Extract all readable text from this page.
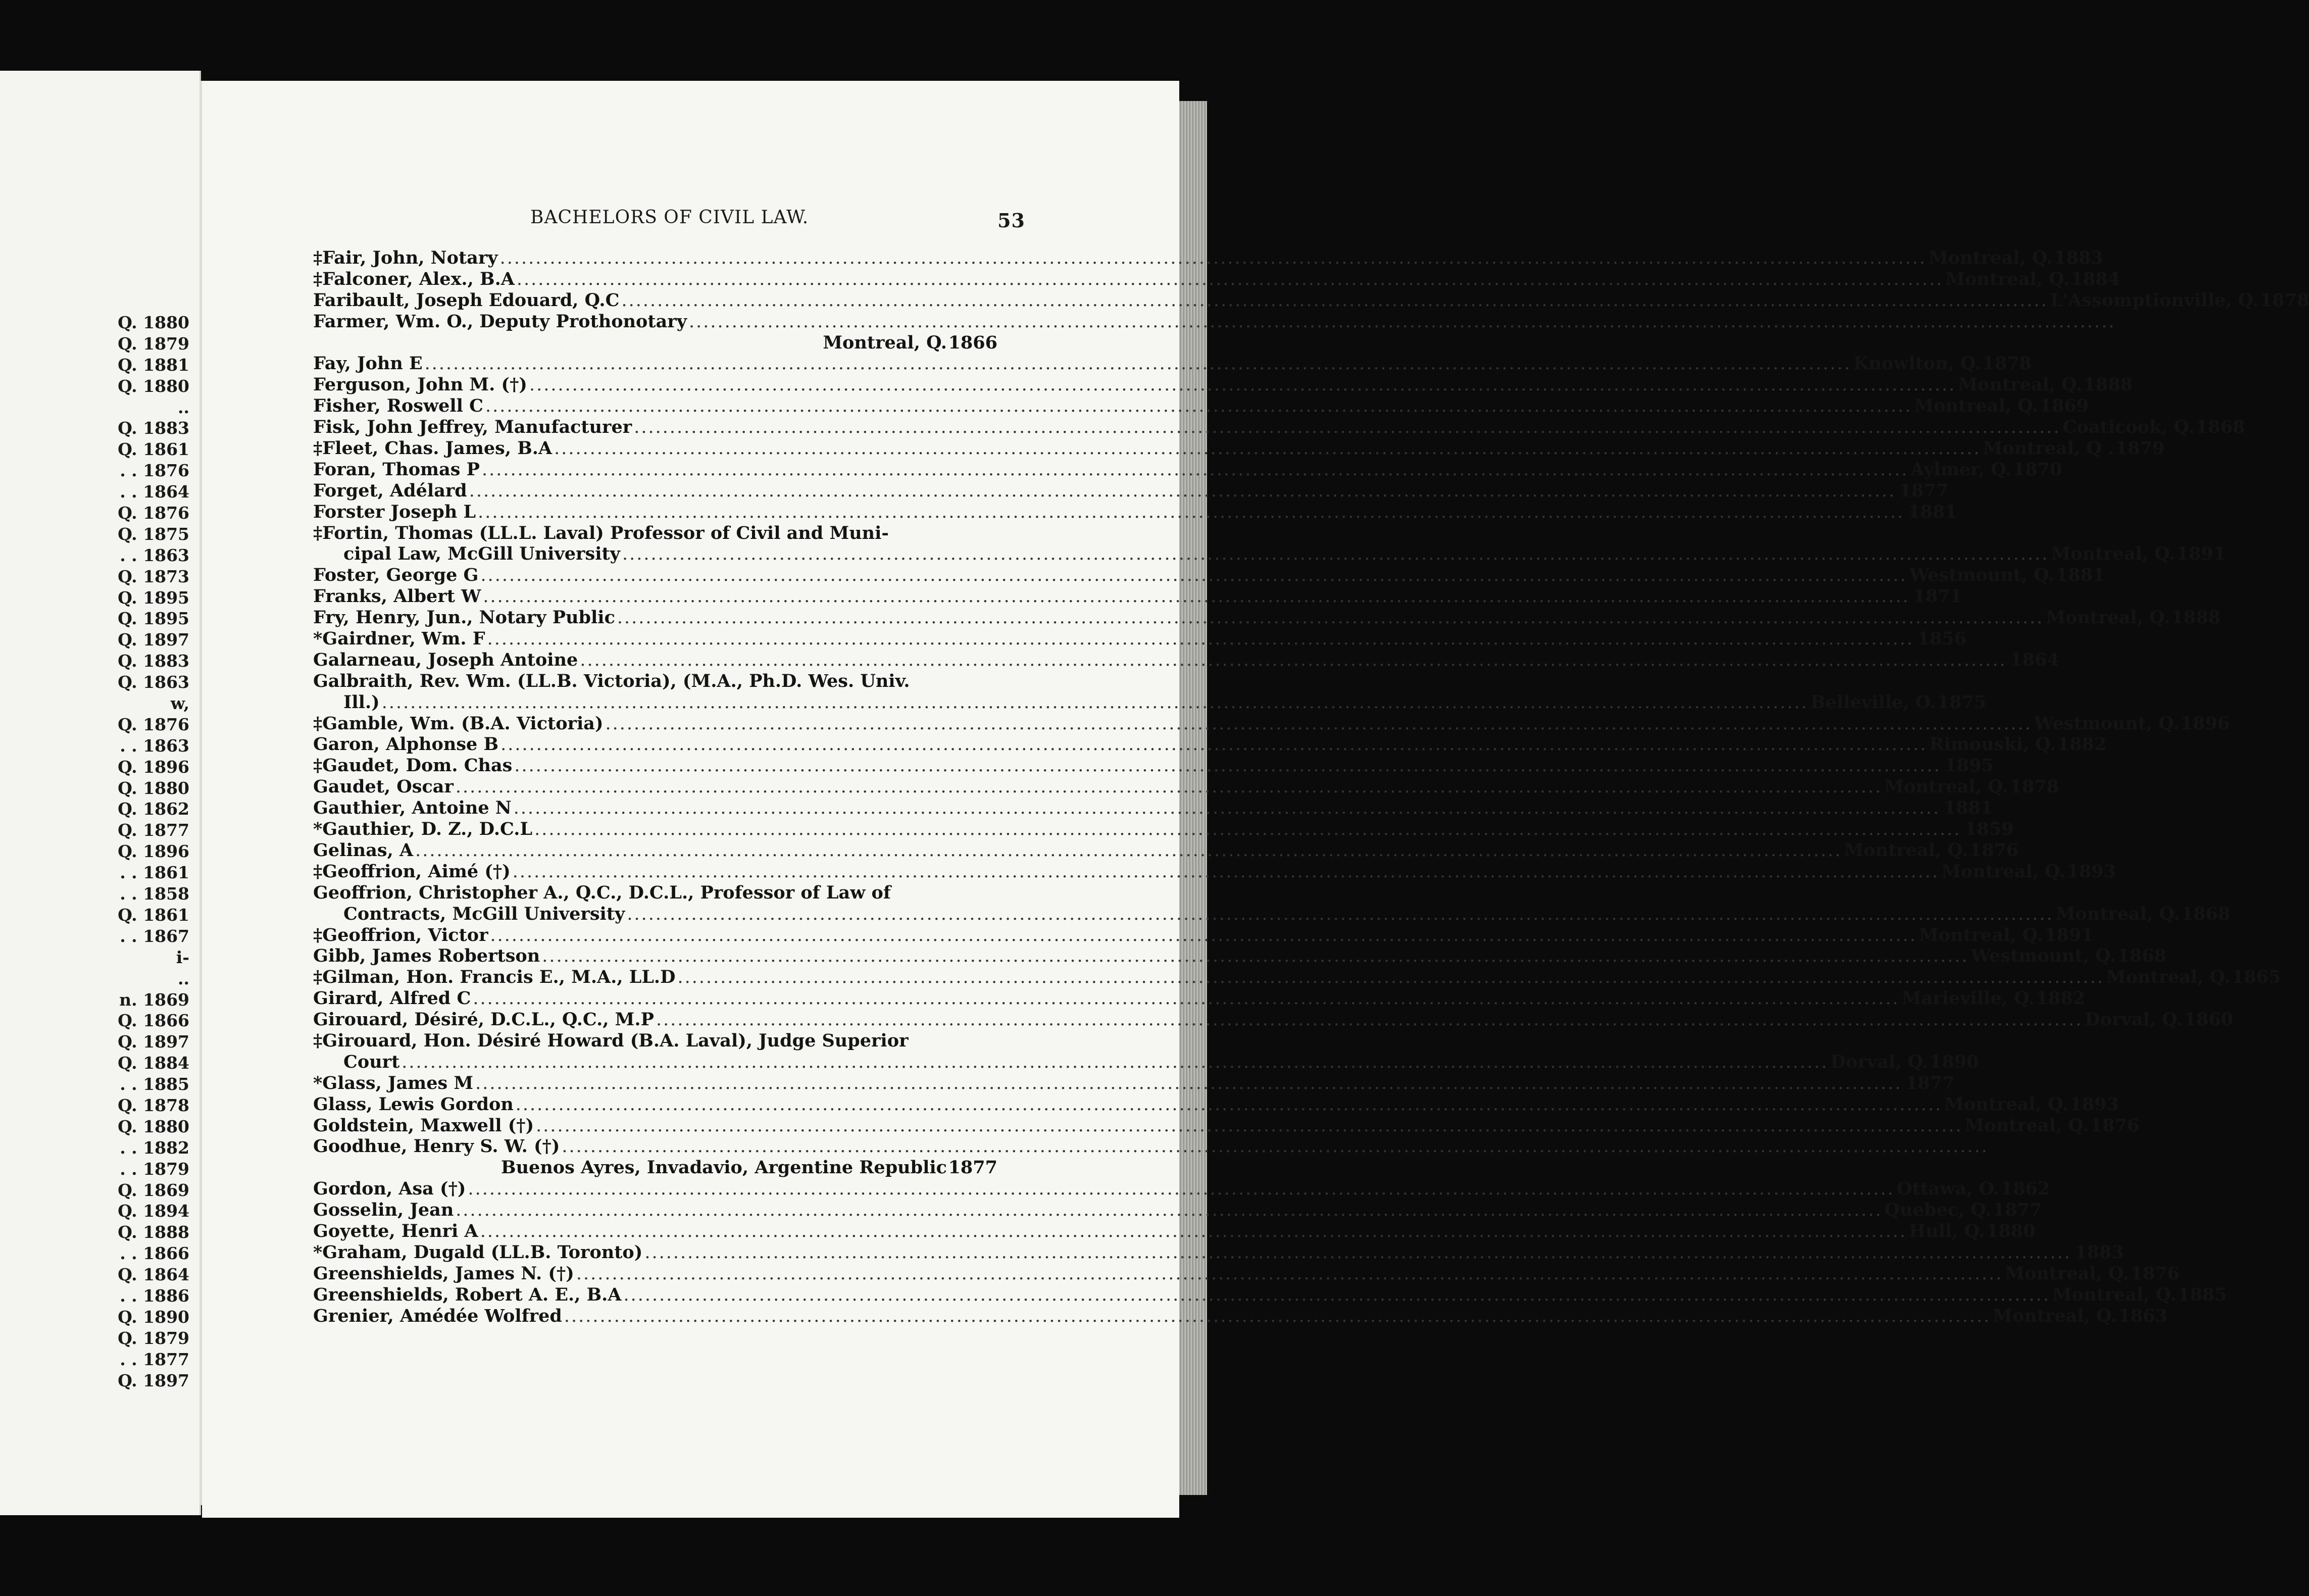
Q. 1880
Q. 1879
Q. 1881
Q. 1880
..
Q. 1883
Q. 1861
. . 1876
. . 1864
Q. 1876
Q. 1875
. . 1863
Q. 1873
Q. 1895
Q. 1895
Q. 1897
Q. 1883
Q. 1863
w,
Q. 1876
. . 1863
Q. 1896
Q. 1880
Q. 1862
Q. 1877
Q. 1896
. . 1861
. . 1858
Q. 1861
. . 1867
i-
..
n. 1869
Q. 1866
Q. 1897
Q. 1884
. . 1885
Q. 1878
Q. 1880
. . 1882
. . 1879
Q. 1869
Q. 1894
Q. 1888
. . 1866
Q. 1864
. . 1886
Q. 1890
Q. 1879
. . 1877
Q. 1897
BACHELORS OF CIVIL LAW.	53
‡Fair, John, Notary ........................................................................................................................................................................................................ Montreal, Q. 1883
‡Falconer, Alex., B.A ........................................................................................................................................................................................................ Montreal, Q. 1884
Faribault, Joseph Edouard, Q.C ........................................................................................................................................................................................................ L'Assomptionville, Q. 1878
Farmer, Wm. O., Deputy Prothonotary ........................................................................................................................................................................................................
Montreal, Q. 1866
Fay, John E ........................................................................................................................................................................................................ Knowlton, Q. 1878
Ferguson, John M. (†) ........................................................................................................................................................................................................ Montreal, Q. 1888
Fisher, Roswell C ........................................................................................................................................................................................................ Montreal, Q. 1869
Fisk, John Jeffrey, Manufacturer ........................................................................................................................................................................................................ Coaticook, Q. 1868
‡Fleet, Chas. James, B.A ........................................................................................................................................................................................................ Montreal, Q . 1879
Foran, Thomas P ........................................................................................................................................................................................................ Aylmer, Q. 1870
Forget, Adélard ........................................................................................................................................................................................................ 1877
Forster Joseph L ........................................................................................................................................................................................................ 1881
‡Fortin, Thomas (LL.L. Laval) Professor of Civil and Muni-
cipal Law, McGill University ........................................................................................................................................................................................................ Montreal, Q. 1891
Foster, George G ........................................................................................................................................................................................................ Westmount, Q. 1881
Franks, Albert W ........................................................................................................................................................................................................ 1871
Fry, Henry, Jun., Notary Public ........................................................................................................................................................................................................ Montreal, Q. 1888
*Gairdner, Wm. F ........................................................................................................................................................................................................ 1856
Galarneau, Joseph Antoine ........................................................................................................................................................................................................ 1864
Galbraith, Rev. Wm. (LL.B. Victoria), (M.A., Ph.D. Wes. Univ.
Ill.) ........................................................................................................................................................................................................ Belleville, O. 1875
‡Gamble, Wm. (B.A. Victoria) ........................................................................................................................................................................................................ Westmount, Q. 1896
Garon, Alphonse B ........................................................................................................................................................................................................ Rimouski, Q. 1882
‡Gaudet, Dom. Chas ........................................................................................................................................................................................................ 1895
Gaudet, Oscar ........................................................................................................................................................................................................ Montreal, Q. 1878
Gauthier, Antoine N ........................................................................................................................................................................................................ 1881
*Gauthier, D. Z., D.C.L ........................................................................................................................................................................................................ 1859
Gelinas, A ........................................................................................................................................................................................................ Montreal, Q. 1876
‡Geoffrion, Aimé (†) ........................................................................................................................................................................................................ Montreal, Q. 1893
Geoffrion, Christopher A., Q.C., D.C.L., Professor of Law of
Contracts, McGill University ........................................................................................................................................................................................................ Montreal, Q. 1868
‡Geoffrion, Victor ........................................................................................................................................................................................................ Montreal, Q. 1891
Gibb, James Robertson ........................................................................................................................................................................................................ Westmount, Q. 1868
‡Gilman, Hon. Francis E., M.A., LL.D ........................................................................................................................................................................................................ Montreal, Q. 1865
Girard, Alfred C ........................................................................................................................................................................................................ Marieville, Q. 1882
Girouard, Désiré, D.C.L., Q.C., M.P ........................................................................................................................................................................................................ Dorval, Q. 1860
‡Girouard, Hon. Désiré Howard (B.A. Laval), Judge Superior
Court ........................................................................................................................................................................................................ Dorval, Q. 1890
*Glass, James M ........................................................................................................................................................................................................ 1877
Glass, Lewis Gordon ........................................................................................................................................................................................................ Montreal, Q. 1893
Goldstein, Maxwell (†) ........................................................................................................................................................................................................ Montreal, Q. 1876
Goodhue, Henry S. W. (†) ........................................................................................................................................................................................................
Buenos Ayres, Invadavio, Argentine Republic 1877
Gordon, Asa (†) ........................................................................................................................................................................................................ Ottawa, O. 1862
Gosselin, Jean ........................................................................................................................................................................................................ Quebec, Q. 1877
Goyette, Henri A ........................................................................................................................................................................................................ Hull, Q. 1880
*Graham, Dugald (LL.B. Toronto) ........................................................................................................................................................................................................ 1883
Greenshields, James N. (†) ........................................................................................................................................................................................................ Montreal, Q. 1876
Greenshields, Robert A. E., B.A ........................................................................................................................................................................................................ Montreal, Q. 1885
Grenier, Amédée Wolfred ........................................................................................................................................................................................................ Montreal, Q. 1863
